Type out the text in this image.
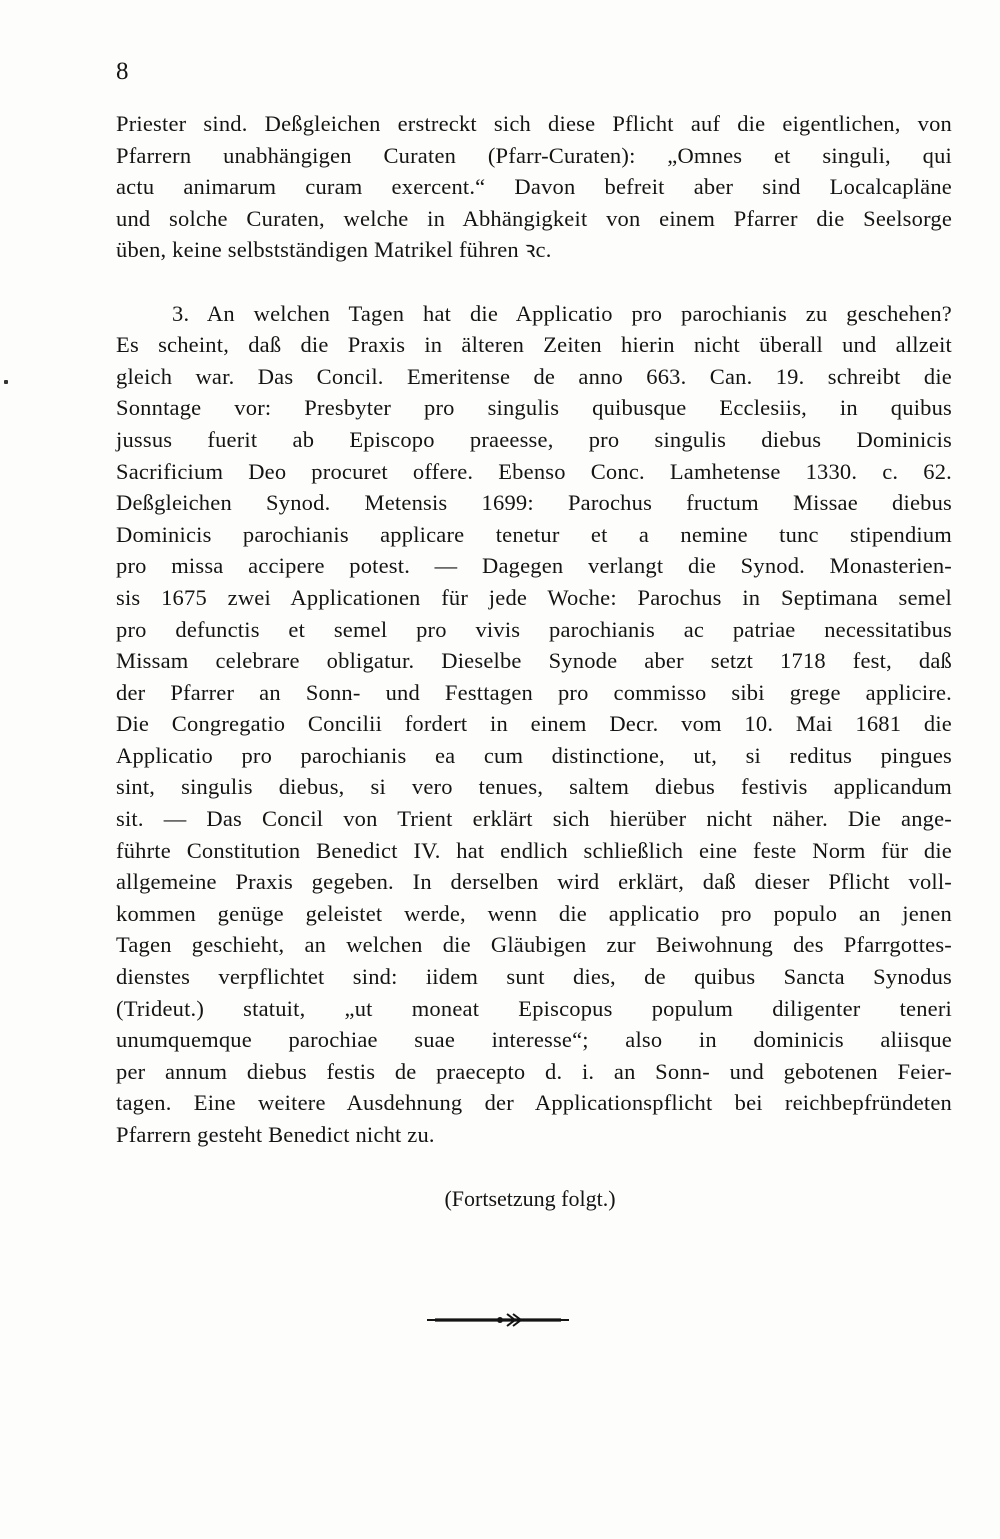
8
Priester sind. Deßgleichen erstreckt sich diese Pflicht auf die eigentlichen, von
Pfarrern unabhängigen Curaten (Pfarr-Curaten): „Omnes et singuli, qui
actu animarum curam exercent.“ Davon befreit aber sind Localcapläne
und solche Curaten, welche in Abhängigkeit von einem Pfarrer die Seelsorge
üben, keine selbstständigen Matrikel führen ꝛc.
3. An welchen Tagen hat die Applicatio pro parochianis zu geschehen?
Es scheint, daß die Praxis in älteren Zeiten hierin nicht überall und allzeit
gleich war. Das Concil. Emeritense de anno 663. Can. 19. schreibt die
Sonntage vor: Presbyter pro singulis quibusque Ecclesiis, in quibus
jussus fuerit ab Episcopo praeesse, pro singulis diebus Dominicis
Sacrificium Deo procuret offere. Ebenso Conc. Lamhetense 1330. c. 62.
Deßgleichen Synod. Metensis 1699: Parochus fructum Missae diebus
Dominicis parochianis applicare tenetur et a nemine tunc stipendium
pro missa accipere potest. — Dagegen verlangt die Synod. Monasterien-
sis 1675 zwei Applicationen für jede Woche: Parochus in Septimana semel
pro defunctis et semel pro vivis parochianis ac patriae necessitatibus
Missam celebrare obligatur. Dieselbe Synode aber setzt 1718 fest, daß
der Pfarrer an Sonn- und Festtagen pro commisso sibi grege applicire.
Die Congregatio Concilii fordert in einem Decr. vom 10. Mai 1681 die
Applicatio pro parochianis ea cum distinctione, ut, si reditus pingues
sint, singulis diebus, si vero tenues, saltem diebus festivis applicandum
sit. — Das Concil von Trient erklärt sich hierüber nicht näher. Die ange-
führte Constitution Benedict IV. hat endlich schließlich eine feste Norm für die
allgemeine Praxis gegeben. In derselben wird erklärt, daß dieser Pflicht voll-
kommen genüge geleistet werde, wenn die applicatio pro populo an jenen
Tagen geschieht, an welchen die Gläubigen zur Beiwohnung des Pfarrgottes-
dienstes verpflichtet sind: iidem sunt dies, de quibus Sancta Synodus
(Trideut.) statuit, „ut moneat Episcopus populum diligenter teneri
unumquemque parochiae suae interesse“; also in dominicis aliisque
per annum diebus festis de praecepto d. i. an Sonn- und gebotenen Feier-
tagen. Eine weitere Ausdehnung der Applicationspflicht bei reichbepfründeten
Pfarrern gesteht Benedict nicht zu.
(Fortsetzung folgt.)
